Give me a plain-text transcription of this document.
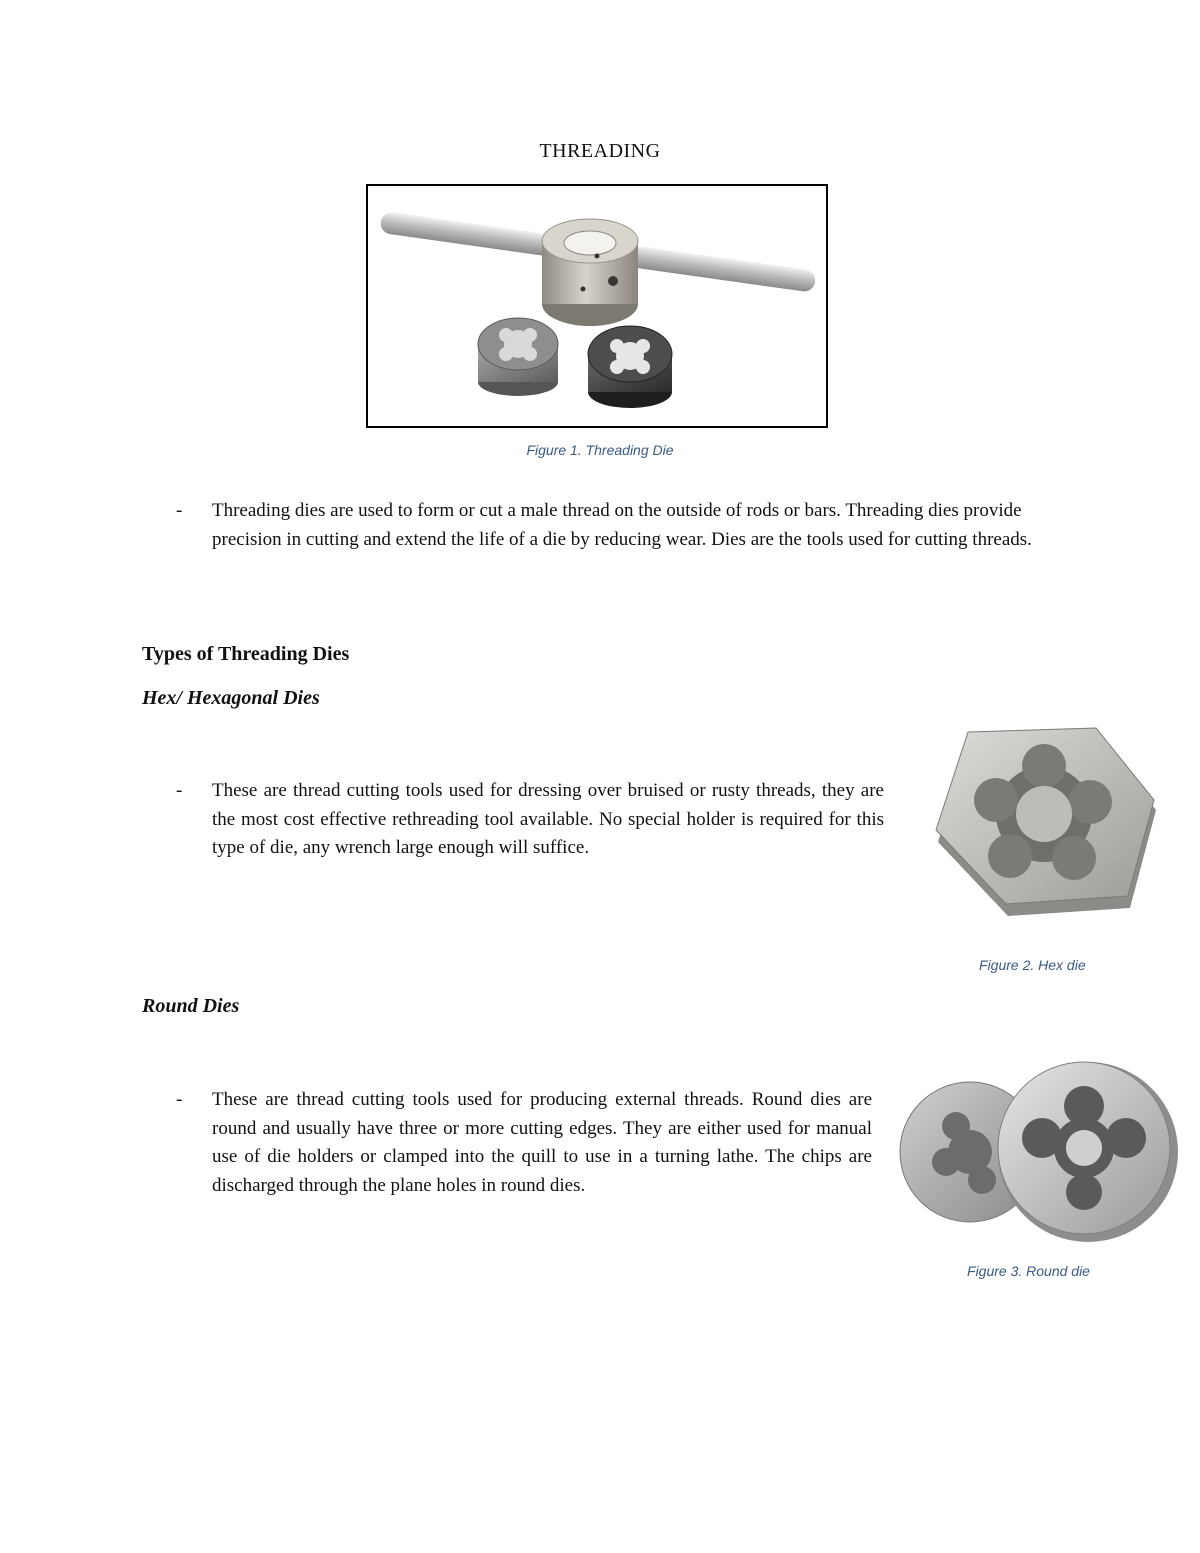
THREADING
Figure 1. Threading Die
- Threading dies are used to form or cut a male thread on the outside of rods or bars. Threading dies provide precision in cutting and extend the life of a die by reducing wear. Dies are the tools used for cutting threads.
Types of Threading Dies
Hex/ Hexagonal Dies
- These are thread cutting tools used for dressing over bruised or rusty threads, they are the most cost effective rethreading tool available. No special holder is required for this type of die, any wrench large enough will suffice.
Figure 2. Hex die
Round Dies
- These are thread cutting tools used for producing external threads. Round dies are round and usually have three or more cutting edges. They are either used for manual use of die holders or clamped into the quill to use in a turning lathe. The chips are discharged through the plane holes in round dies.
Figure 3. Round die
